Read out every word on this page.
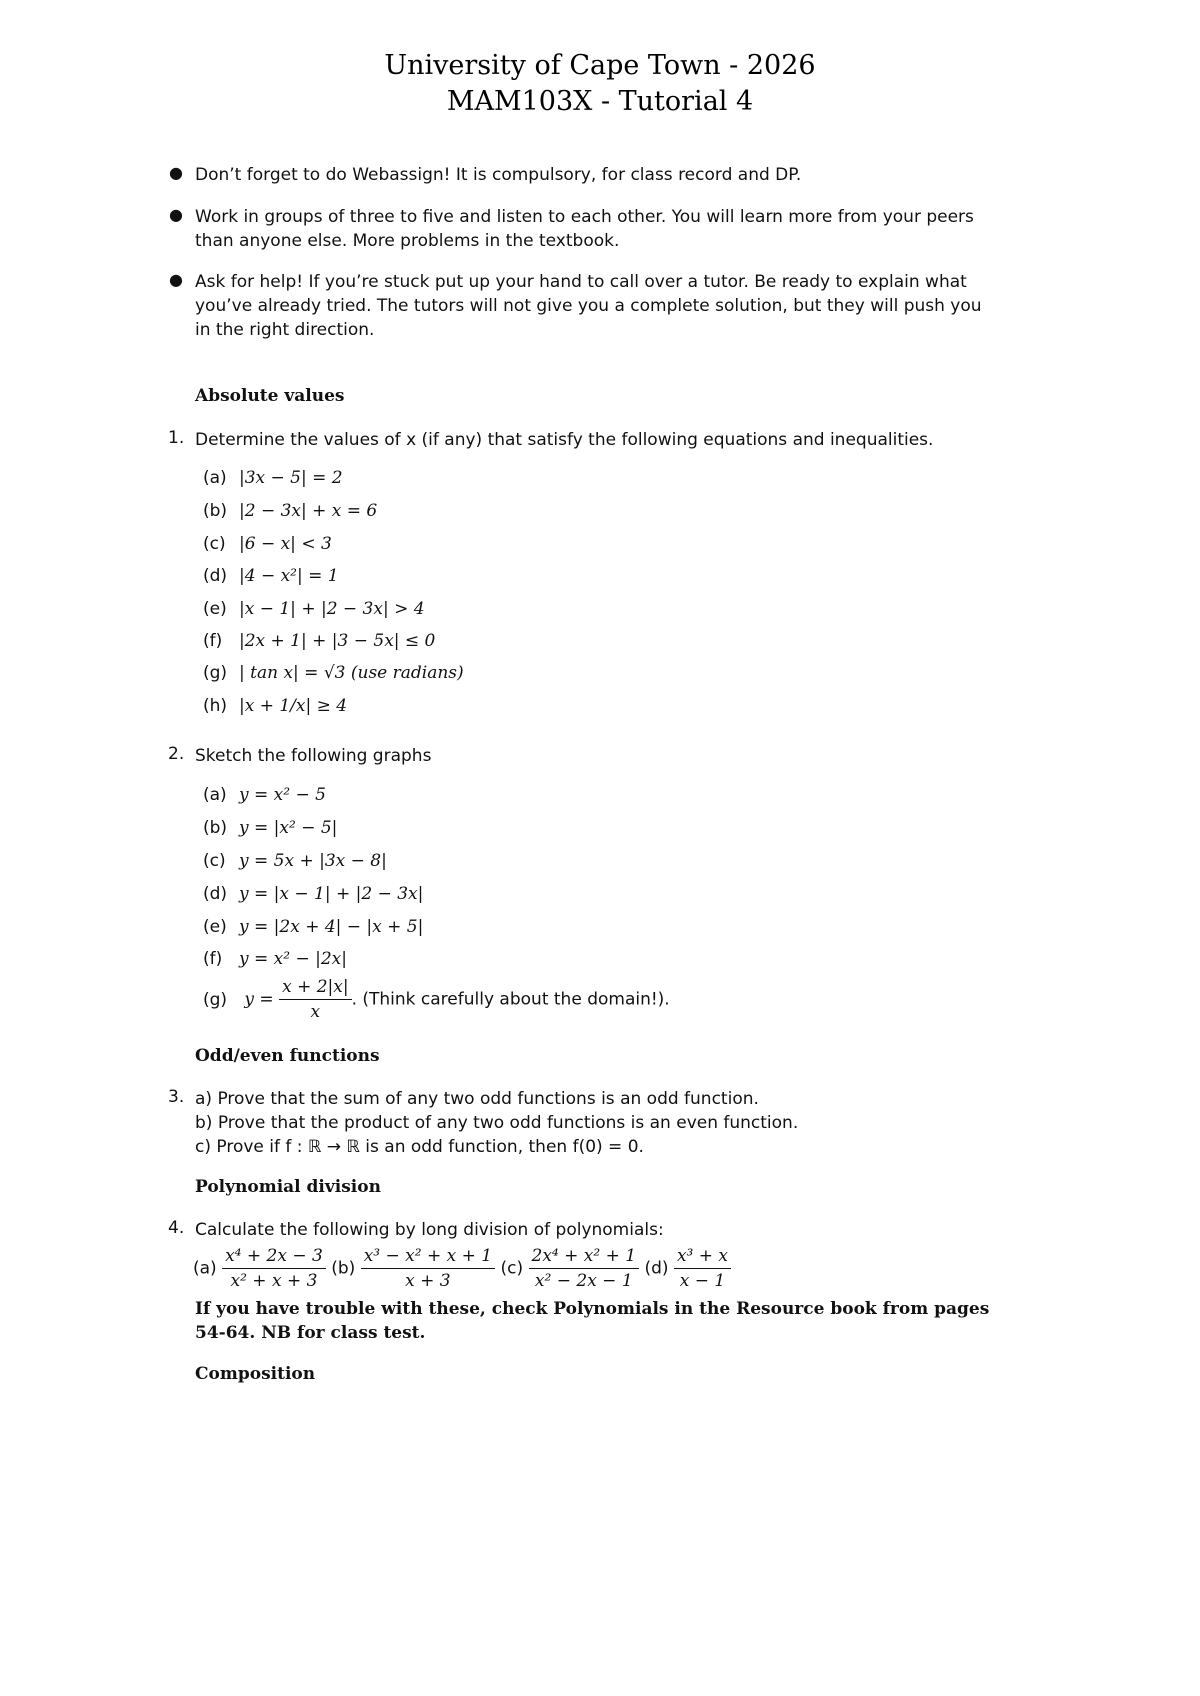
University of Cape Town - 2026
MAM103X - Tutorial 4
● Don’t forget to do Webassign! It is compulsory, for class record and DP.
● Work in groups of three to five and listen to each other. You will learn more from your peers
than anyone else. More problems in the textbook.
● Ask for help! If you’re stuck put up your hand to call over a tutor. Be ready to explain what
you’ve already tried. The tutors will not give you a complete solution, but they will push you
in the right direction.
Absolute values
1. Determine the values of x (if any) that satisfy the following equations and inequalities.
(a) |3x − 5| = 2
(b) |2 − 3x| + x = 6
(c) |6 − x| < 3
(d) |4 − x²| = 1
(e) |x − 1| + |2 − 3x| > 4
(f) |2x + 1| + |3 − 5x| ≤ 0
(g) | tan x| = √3 (use radians)
(h) |x + 1/x| ≥ 4
2. Sketch the following graphs
(a) y = x² − 5
(b) y = |x² − 5|
(c) y = 5x + |3x − 8|
(d) y = |x − 1| + |2 − 3x|
(e) y = |2x + 4| − |x + 5|
(f) y = x² − |2x|
(g) $y = \frac{x + 2|x|}{x}$ . (Think carefully about the domain!).
Odd/even functions
3. a) Prove that the sum of any two odd functions is an odd function.
b) Prove that the product of any two odd functions is an even function.
c) Prove if f : ℝ → ℝ is an odd function, then f(0) = 0.
Polynomial division
4. Calculate the following by long division of polynomials:
$(a) \frac{\text{x⁴ + 2x − 3}}{\text{x² + x + 3}} (b) \frac{\text{x³ − x² + x + 1}}{x + 3} (c) \frac{\text{2x⁴ + x² + 1}}{\text{x² − 2x − 1}} (d) \frac{\text{x³ + x}}{x - 1}$
If you have trouble with these, check Polynomials in the Resource book from pages
54-64. NB for class test.
Composition
